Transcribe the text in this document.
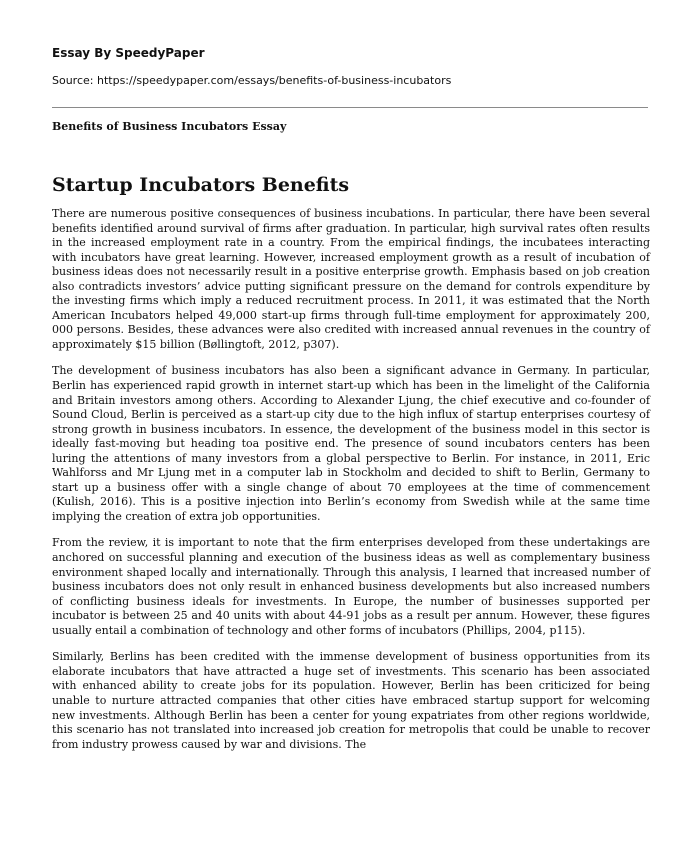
Essay By SpeedyPaper
Source: https://speedypaper.com/essays/benefits-of-business-incubators
Benefits of Business Incubators Essay
Startup Incubators Benefits

There are numerous positive consequences of business incubations. In particular, there have been several benefits identified around survival of firms after graduation. In particular, high survival rates often results in the increased employment rate in a country. From the empirical findings, the incubatees interacting with incubators have great learning. However, increased employment growth as a result of incubation of business ideas does not necessarily result in a positive enterprise growth. Emphasis based on job creation also contradicts investors’ advice putting significant pressure on the demand for controls expenditure by the investing firms which imply a reduced recruitment process. In 2011, it was estimated that the North American Incubators helped 49,000 start-up firms through full-time employment for approximately 200, 000 persons. Besides, these advances were also credited with increased annual revenues in the country of approximately $15 billion (Bøllingtoft, 2012, p307).

The development of business incubators has also been a significant advance in Germany. In particular, Berlin has experienced rapid growth in internet start-up which has been in the limelight of the California and Britain investors among others. According to Alexander Ljung, the chief executive and co-founder of Sound Cloud, Berlin is perceived as a start-up city due to the high influx of startup enterprises courtesy of strong growth in business incubators. In essence, the development of the business model in this sector is ideally fast-moving but heading toa positive end. The presence of sound incubators centers has been luring the attentions of many investors from a global perspective to Berlin. For instance, in 2011, Eric Wahlforss and Mr Ljung met in a computer lab in Stockholm and decided to shift to Berlin, Germany to start up a business offer with a single change of about 70 employees at the time of commencement (Kulish, 2016). This is a positive injection into Berlin’s economy from Swedish while at the same time implying the creation of extra job opportunities.

From the review, it is important to note that the firm enterprises developed from these undertakings are anchored on successful planning and execution of the business ideas as well as complementary business environment shaped locally and internationally. Through this analysis, I learned that increased number of business incubators does not only result in enhanced business developments but also increased numbers of conflicting business ideals for investments. In Europe, the number of businesses supported per incubator is between 25 and 40 units with about 44-91 jobs as a result per annum. However, these figures usually entail a combination of technology and other forms of incubators (Phillips, 2004, p115).

Similarly, Berlins has been credited with the immense development of business opportunities from its elaborate incubators that have attracted a huge set of investments. This scenario has been associated with enhanced ability to create jobs for its population. However, Berlin has been criticized for being unable to nurture attracted companies that other cities have embraced startup support for welcoming new investments. Although Berlin has been a center for young expatriates from other regions worldwide, this scenario has not translated into increased job creation for metropolis that could be unable to recover from industry prowess caused by war and divisions. The
